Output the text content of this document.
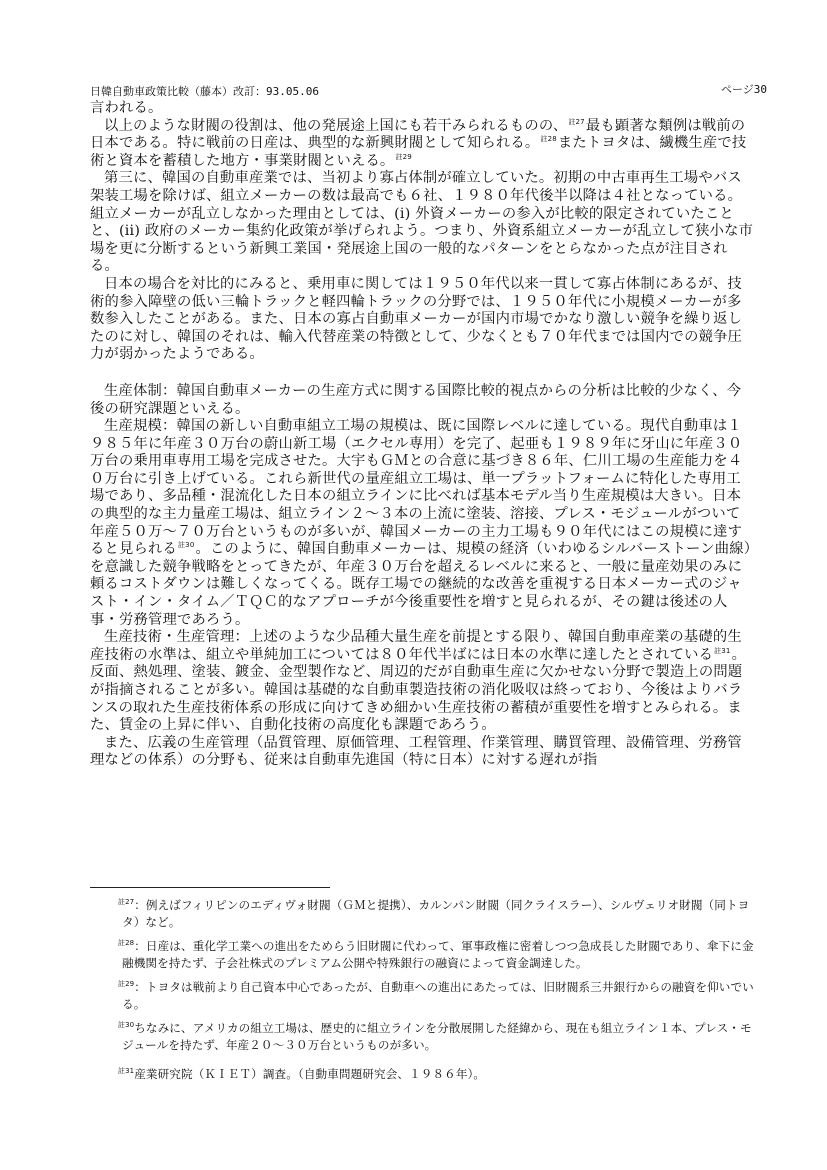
日韓自動車政策比較（藤本）改訂：93.05.06	ページ30

言われる。

以上のような財閥の役割は、他の発展途上国にも若干みられるものの、$^{註27}$最も顕著な類例は戦前の日本である。特に戦前の日産は、典型的な新興財閥として知られる。$^{註28}$またトヨタは、繊機生産で技術と資本を蓄積した地方・事業財閥といえる。$^{註29}$

第三に、韓国の自動車産業では、当初より寡占体制が確立していた。初期の中古車再生工場やバス架装工場を除けば、組立メーカーの数は最高でも６社、１９８０年代後半以降は４社となっている。組立メーカーが乱立しなかった理由としては、(i) 外資メーカーの参入が比較的限定されていたことと、(ii) 政府のメーカー集約化政策が挙げられよう。つまり、外資系組立メーカーが乱立して狭小な市場を更に分断するという新興工業国・発展途上国の一般的なパターンをとらなかった点が注目される。

日本の場合を対比的にみると、乗用車に関しては１９５０年代以来一貫して寡占体制にあるが、技術的参入障壁の低い三輪トラックと軽四輪トラックの分野では、１９５０年代に小規模メーカーが多数参入したことがある。また、日本の寡占自動車メーカーが国内市場でかなり激しい競争を繰り返したのに対し、韓国のそれは、輸入代替産業の特徴として、少なくとも７０年代までは国内での競争圧力が弱かったようである。

生産体制：韓国自動車メーカーの生産方式に関する国際比較的視点からの分析は比較的少なく、今後の研究課題といえる。

生産規模：韓国の新しい自動車組立工場の規模は、既に国際レベルに達している。現代自動車は１９８５年に年産３０万台の蔚山新工場（エクセル専用）を完了、起亜も１９８９年に牙山に年産３０万台の乗用車専用工場を完成させた。大宇もＧＭとの合意に基づき８６年、仁川工場の生産能力を４０万台に引き上げている。これら新世代の量産組立工場は、単一プラットフォームに特化した専用工場であり、多品種・混流化した日本の組立ラインに比べれば基本モデル当り生産規模は大きい。日本の典型的な主力量産工場は、組立ライン２～３本の上流に塗装、溶接、プレス・モジュールがついて年産５０万～７０万台というものが多いが、韓国メーカーの主力工場も９０年代にはこの規模に達すると見られる$^{註30}$。このように、韓国自動車メーカーは、規模の経済（いわゆるシルバーストーン曲線）を意識した競争戦略をとってきたが、年産３０万台を超えるレベルに来ると、一般に量産効果のみに頼るコストダウンは難しくなってくる。既存工場での継続的な改善を重視する日本メーカー式のジャスト・イン・タイム／ＴＱＣ的なアプローチが今後重要性を増すと見られるが、その鍵は後述の人事・労務管理であろう。

生産技術・生産管理：上述のような少品種大量生産を前提とする限り、韓国自動車産業の基礎的生産技術の水準は、組立や単純加工については８０年代半ばには日本の水準に達したとされている$^{註31}$。反面、熱処理、塗装、鍍金、金型製作など、周辺的だが自動車生産に欠かせない分野で製造上の問題が指摘されることが多い。韓国は基礎的な自動車製造技術の消化吸収は終っており、今後はよりバランスの取れた生産技術体系の形成に向けてきめ細かい生産技術の蓄積が重要性を増すとみられる。また、賃金の上昇に伴い、自動化技術の高度化も課題であろう。

また、広義の生産管理（品質管理、原価管理、工程管理、作業管理、購買管理、設備管理、労務管理などの体系）の分野も、従来は自動車先進国（特に日本）に対する遅れが指

$^{註27}$：例えばフィリピンのエディヴォ財閥（ＧＭと提携）、カルンパン財閥（同クライスラー）、シルヴェリオ財閥（同トヨタ）など。

$^{註28}$：日産は、重化学工業への進出をためらう旧財閥に代わって、軍事政権に密着しつつ急成長した財閥であり、傘下に金融機関を持たず、子会社株式のプレミアム公開や特殊銀行の融資によって資金調達した。

$^{註29}$：トヨタは戦前より自己資本中心であったが、自動車への進出にあたっては、旧財閥系三井銀行からの融資を仰いでいる。

$^{註30}$ちなみに、アメリカの組立工場は、歴史的に組立ラインを分散展開した経緯から、現在も組立ライン１本、プレス・モジュールを持たず、年産２０～３０万台というものが多い。

$^{註31}$産業研究院（ＫＩＥＴ）調査。（自動車問題研究会、１９８６年）。
